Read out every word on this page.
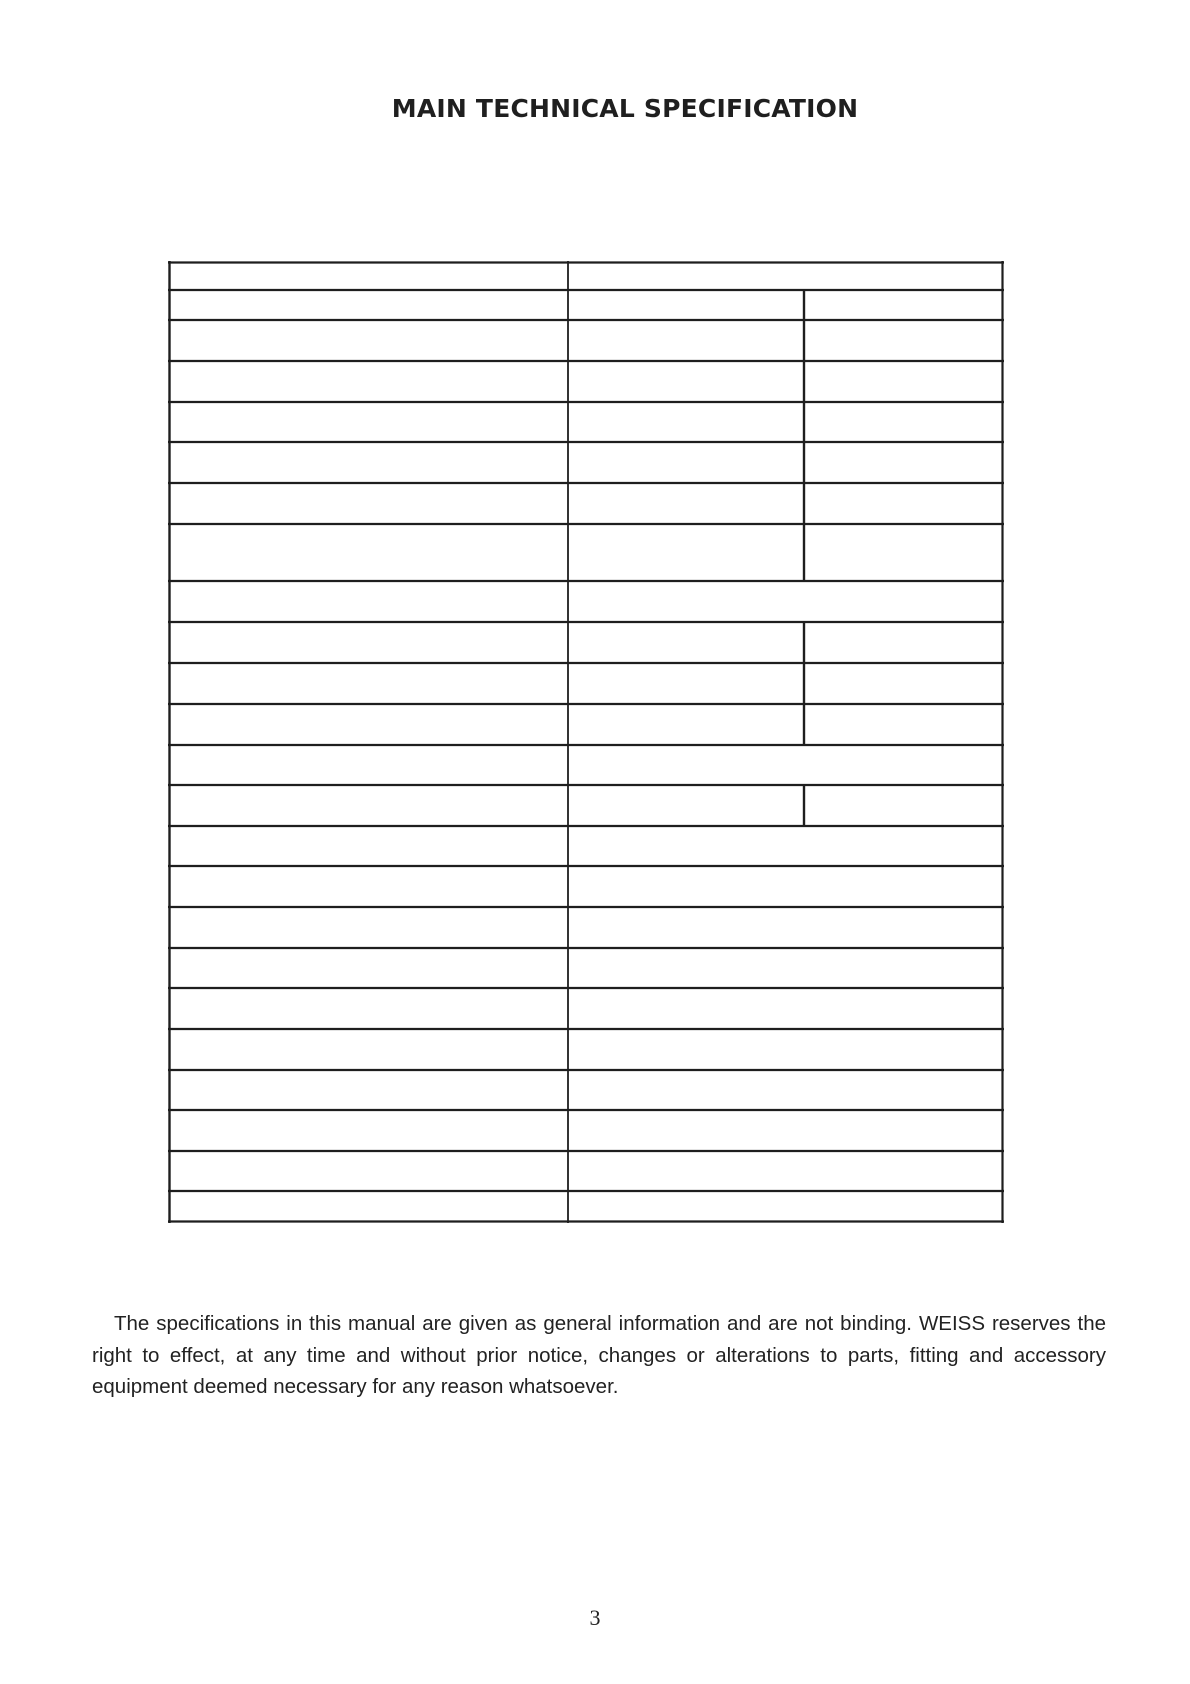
MAIN TECHNICAL SPECIFICATION

The specifications in this manual are given as general information and are not binding. WEISS reserves the right to effect, at any time and without prior notice, changes or alterations to parts, fitting and accessory equipment deemed necessary for any reason whatsoever.

3
